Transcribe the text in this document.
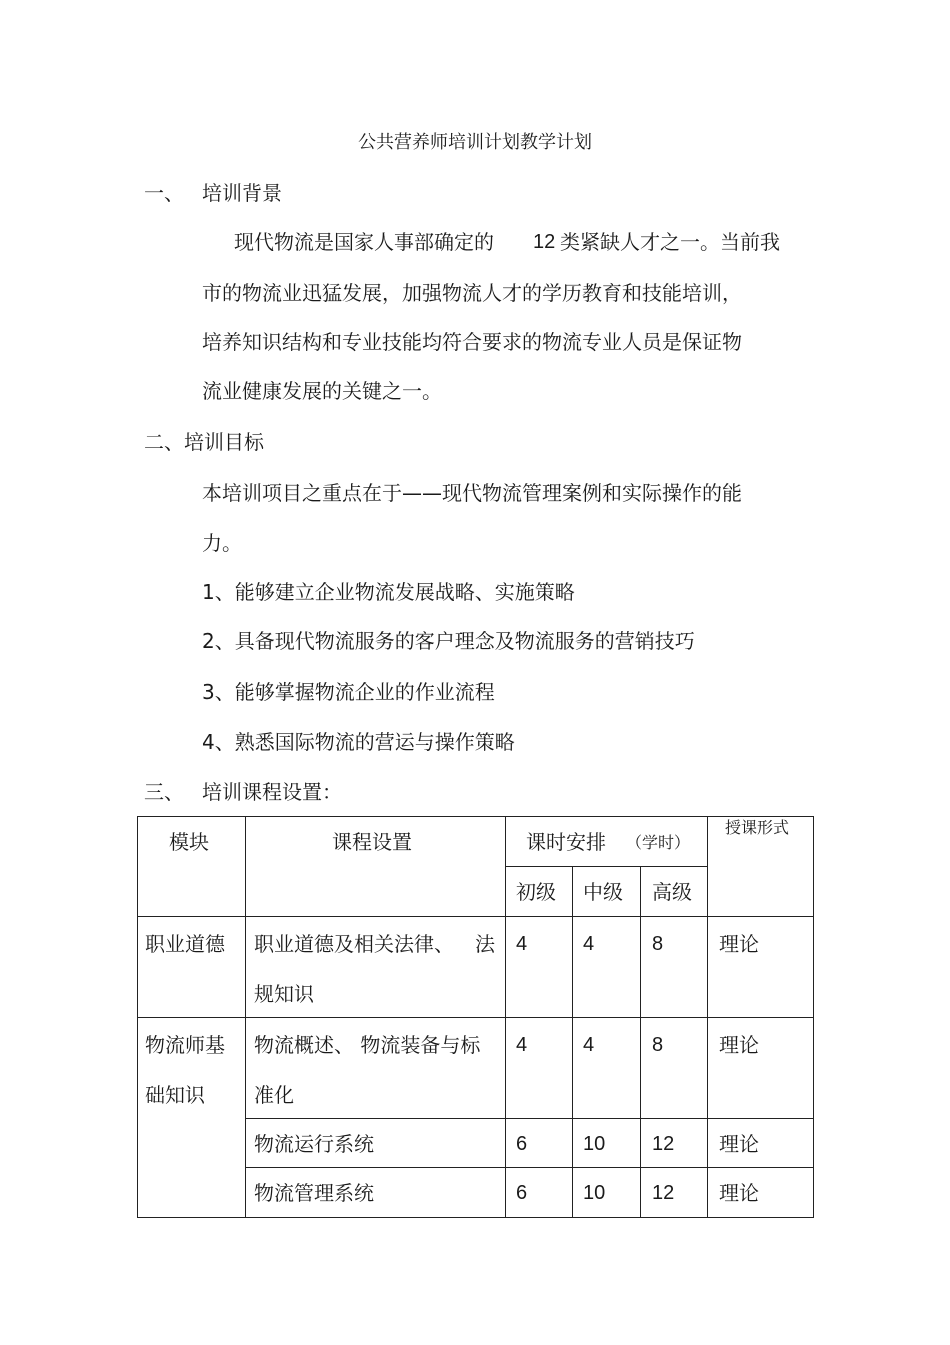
公共营养师培训计划教学计划
一、 培训背景
现代物流是国家人事部确定的 12 类紧缺人才之一。当前我
市的物流业迅猛发展，加强物流人才的学历教育和技能培训，
培养知识结构和专业技能均符合要求的物流专业人员是保证物
流业健康发展的关键之一。
二、培训目标
本培训项目之重点在于——现代物流管理案例和实际操作的能
力。
1、能够建立企业物流发展战略、实施策略
2、具备现代物流服务的客户理念及物流服务的营销技巧
3、能够掌握物流企业的作业流程
4、熟悉国际物流的营运与操作策略
三、 培训课程设置：
模块	课程设置	课时安排 （学时）			授课形式

		初级	中级	高级	

职业道德	职业道德及相关法律、 法
规知识	4	4	8	理论

物流师基
础知识	物流概述、 物流装备与标
准化	4	4	8	理论

	物流运行系统	6	10	12	理论

	物流管理系统	6	10	12	理论
